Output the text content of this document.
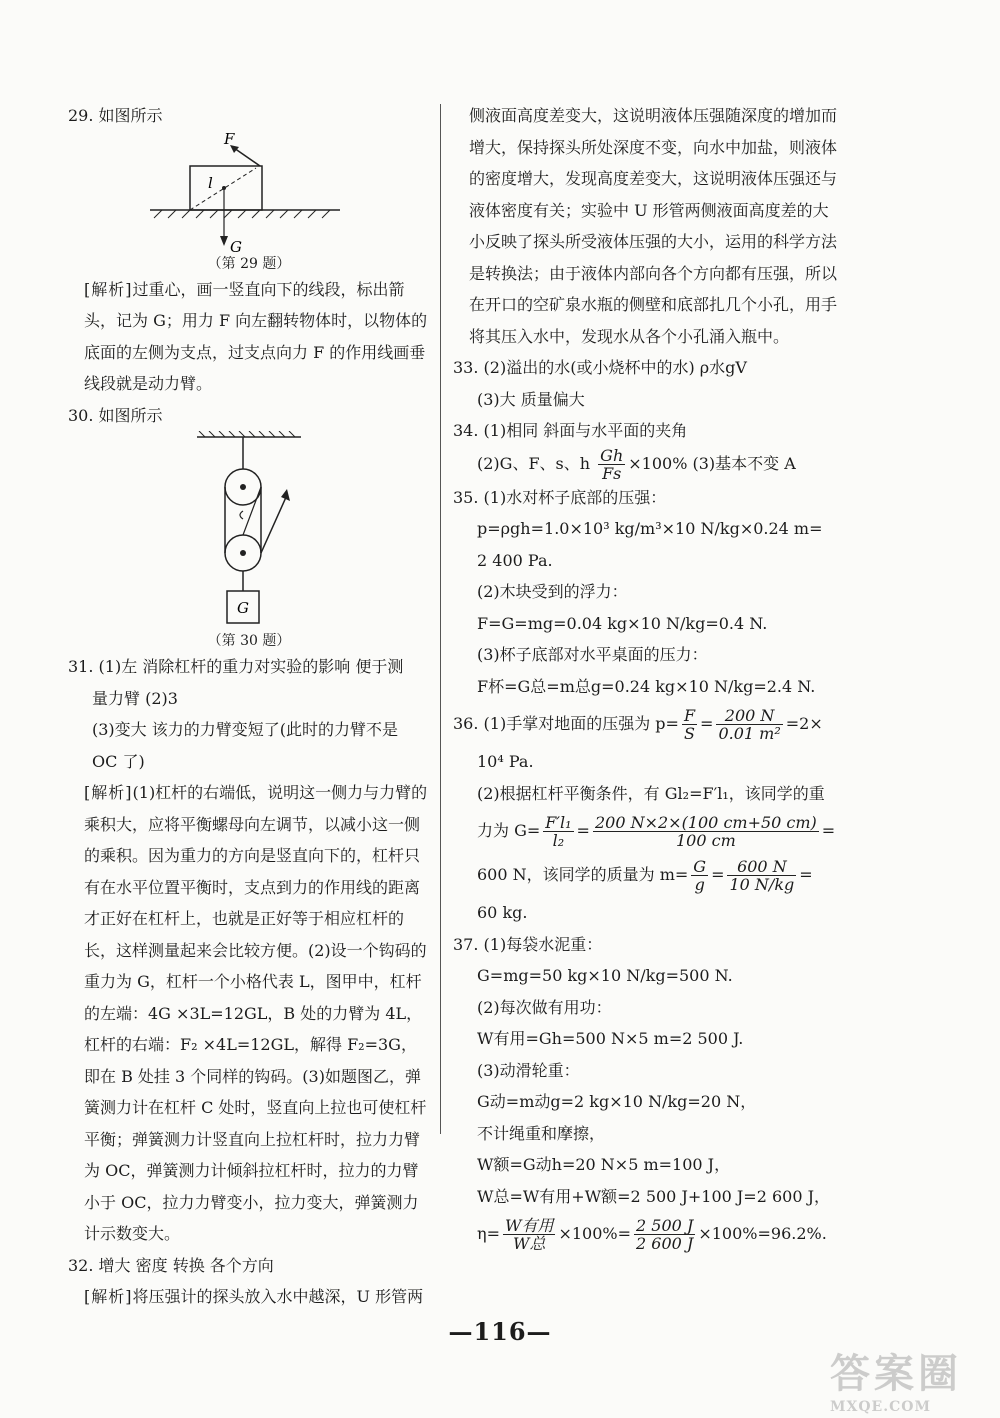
29. 如图所示

F
G
l

（第 29 题）

[ 解析 ] 过重心，画一竖直向下的线段，标出箭头，记为 G；用力 F 向左翻转物体时，以物体的底面的左侧为支点，过支点向力 F 的作用线画垂线段就是动力臂。

30. 如图所示

G

（第 30 题）

31. (1)左 消除杠杆的重力对实验的影响 便于测

量力臂 (2)3

(3)变大 该力的力臂变短了(此时的力臂不是

OC 了)

[ 解析 ] (1)杠杆的右端低，说明这一侧力与力臂的乘积大，应将平衡螺母向左调节，以减小这一侧的乘积。因为重力的方向是竖直向下的，杠杆只有在水平位置平衡时，支点到力的作用线的距离才正好在杠杆上，也就是正好等于相应杠杆的长，这样测量起来会比较方便。(2)设一个钩码的重力为 G，杠杆一个小格代表 L，图甲中，杠杆的左端：4G ×3L=12GL，B 处的力臂为 4L，杠杆的右端：F₂ ×4L=12GL，解得 F₂=3G，即在 B 处挂 3 个同样的钩码。(3)如题图乙，弹簧测力计在杠杆 C 处时，竖直向上拉也可使杠杆平衡；弹簧测力计竖直向上拉杠杆时，拉力力臂为 OC，弹簧测力计倾斜拉杠杆时，拉力的力臂小于 OC，拉力力臂变小，拉力变大，弹簧测力计示数变大。

32. 增大 密度 转换 各个方向

[ 解析 ] 将压强计的探头放入水中越深，U 形管两

侧液面高度差变大，这说明液体压强随深度的增加而增大，保持探头所处深度不变，向水中加盐，则液体的密度增大，发现高度差变大，这说明液体压强还与液体密度有关；实验中 U 形管两侧液面高度差的大小反映了探头所受液体压强的大小，运用的科学方法是转换法；由于液体内部向各个方向都有压强，所以在开口的空矿泉水瓶的侧壁和底部扎几个小孔，用手将其压入水中，发现水从各个小孔涌入瓶中。

33. (2)溢出的水(或小烧杯中的水) ρ水gV

(3)大 质量偏大

34. (1)相同 斜面与水平面的夹角

(2)G、F、s、h $\frac{Gh}{Fs} \times 100\%$ (3)基本不变 A

35. (1)水对杯子底部的压强：

p=ρgh=1.0×10³ kg/m³×10 N/kg×0.24 m=

2 400 Pa.

(2)木块受到的浮力：

F=G=mg=0.04 kg×10 N/kg=0.4 N.

(3)杯子底部对水平桌面的压力：

F杯=G总=m总g=0.24 kg×10 N/kg=2.4 N.

36. (1)手掌对地面的压强为 $p= \frac{F}{S} = \frac{200 N}{\text{0.01 m²}} =2\times$

10⁴ Pa.

(2)根据杠杆平衡条件，有 Gl₂=F′l₁，该同学的重

力为 $G= \frac{\text{F′l₁}}{\text{l₂}} = \frac{200 N\times 2\times(100 cm+50 cm)}{100 cm}$ =

600 N，该同学的质量为 $m= \frac{G}{g} = \frac{600 N}{10 N/kg}$ =

60 kg.

37. (1)每袋水泥重：

G=mg=50 kg×10 N/kg=500 N.

(2)每次做有用功：

W有用=Gh=500 N×5 m=2 500 J.

(3)动滑轮重：

G动=m动g=2 kg×10 N/kg=20 N，

不计绳重和摩擦，

W额=G动h=20 N×5 m=100 J，

W总=W有用+W额=2 500 J+100 J=2 600 J，

$\eta= \frac{\text{W有用}}{\text{W总}} \times 100\%= \frac{2 500 J}{2 600 J} \times 100\%=96.2\%$.

—116—
答案圈
MXQE.COM
